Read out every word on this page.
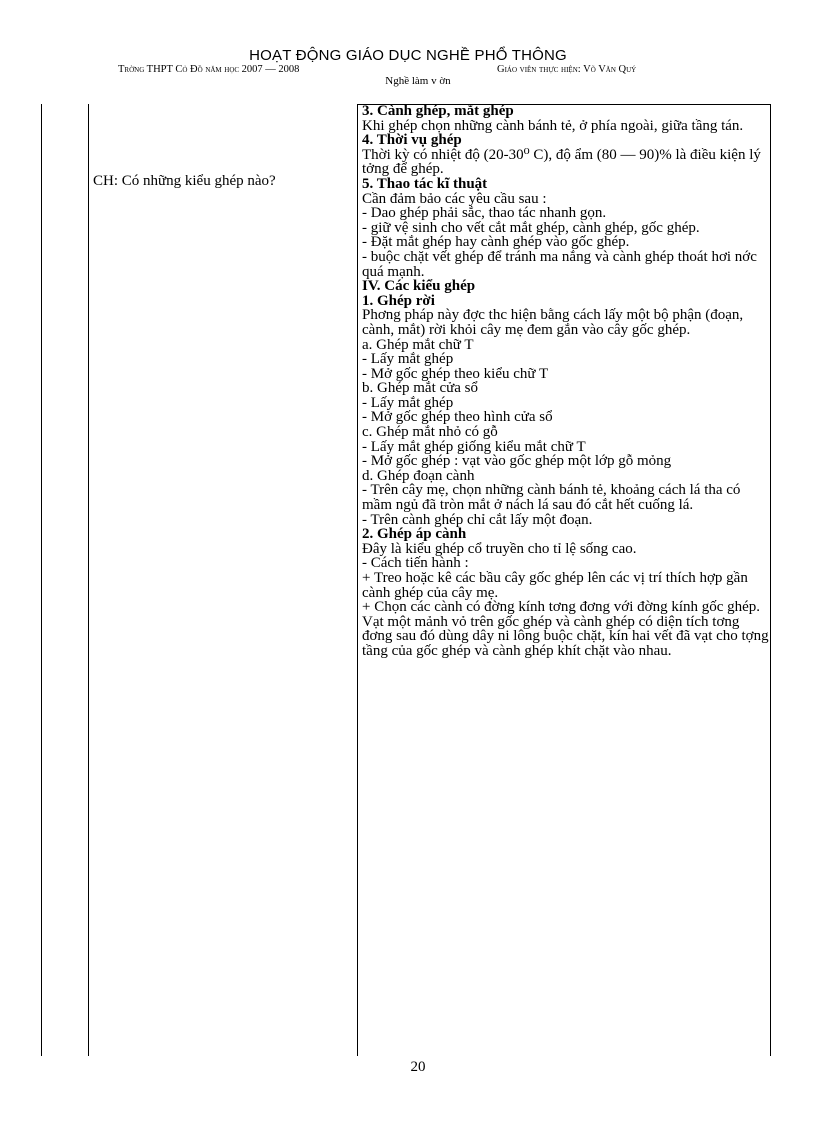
HOẠT ĐỘNG GIÁO DỤC NGHỀ PHỔ THÔNG
Trờng THPT Cỏ Đồ năm học 2007 — 2008	Giáo viên thực hiện: Võ Văn Quý
Nghề làm v ờn
CH: Có những kiểu ghép nào?

3. Cành ghép, mắt ghép

Khi ghép chọn những cành bánh tẻ, ở phía ngoài, giữa tầng tán.

4. Thời vụ ghép

Thời kỳ có nhiệt độ (20-30⁰ C), độ ẩm (80 — 90)% là điều kiện lý tởng để ghép.

5. Thao tác kĩ thuật

Cần đảm bảo các yêu cầu sau :

- Dao ghép phải sắc, thao tác nhanh gọn.

- giữ vệ sinh cho vết cắt mắt ghép, cành ghép, gốc ghép.

- Đặt mắt ghép hay cành ghép vào gốc ghép.

- buộc chặt vết ghép để tránh ma nắng và cành ghép thoát hơi nớc quá mạnh.

IV. Các kiểu ghép

1. Ghép rời

Phơng pháp này đợc thc hiện bằng cách lấy một bộ phận (đoạn, cành, mắt) rời khỏi cây mẹ đem gắn vào cây gốc ghép.

a. Ghép mắt chữ T

- Lấy mắt ghép

- Mở gốc ghép theo kiểu chữ T

b. Ghép mắt cửa sổ

- Lấy mắt ghép

- Mở gốc ghép theo hình cửa sổ

c. Ghép mắt nhỏ có gỗ

- Lấy mắt ghép giống kiểu mắt chữ T

- Mở gốc ghép : vạt vào gốc ghép một lớp gỗ mỏng

d. Ghép đoạn cành

- Trên cây mẹ, chọn những cành bánh tẻ, khoảng cách lá tha có mầm ngủ đã tròn mắt ở nách lá sau đó cắt hết cuống lá.

- Trên cành ghép chỉ cắt lấy một đoạn.

2. Ghép áp cành

Đây là kiểu ghép cổ truyền cho tỉ lệ sống cao.

- Cách tiến hành :

+ Treo hoặc kê các bầu cây gốc ghép lên các vị trí thích hợp gần cành ghép của cây mẹ.

+ Chọn các cành có đờng kính tơng đơng với đờng kính gốc ghép. Vạt một mảnh vỏ trên gốc ghép và cành ghép có diện tích tơng đơng sau đó dùng dây ni lông buộc chặt, kín hai vết đã vạt cho tợng tầng của gốc ghép và cành ghép khít chặt vào nhau.

20
